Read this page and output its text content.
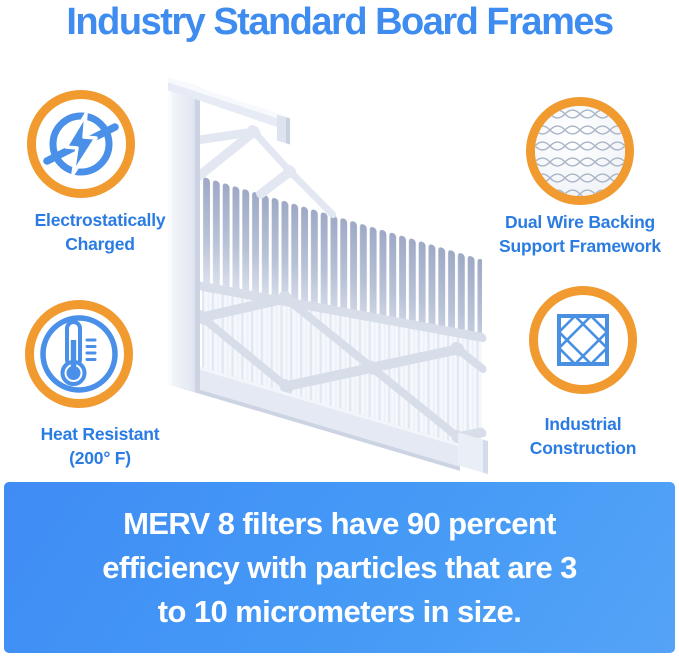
Industry Standard Board Frames
Electrostatically
Charged
Dual Wire Backing
Support Framework
Heat Resistant
(200° F)
Industrial
Construction

MERV 8 filters have 90 percent

efficiency with particles that are 3

to 10 micrometers in size.
